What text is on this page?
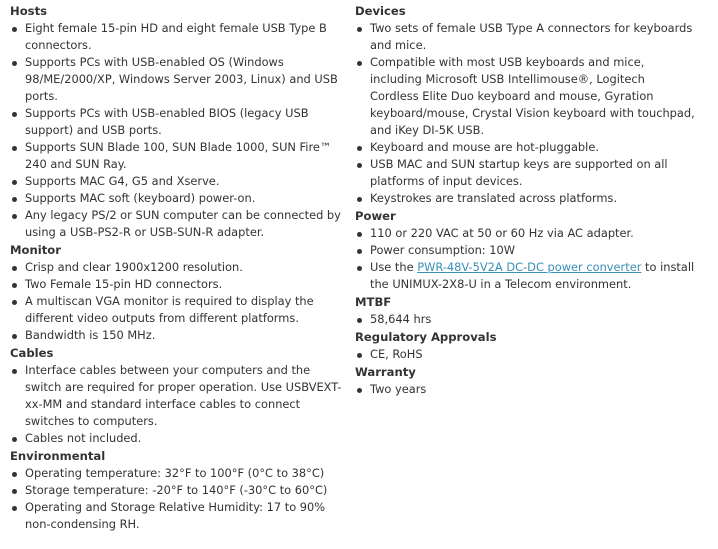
Hosts
Eight female 15-pin HD and eight female USB Type B connectors.
Supports PCs with USB-enabled OS (Windows 98/ME/2000/XP, Windows Server 2003, Linux) and USB ports.
Supports PCs with USB-enabled BIOS (legacy USB support) and USB ports.
Supports SUN Blade 100, SUN Blade 1000, SUN Fire™ 240 and SUN Ray.
Supports MAC G4, G5 and Xserve.
Supports MAC soft (keyboard) power-on.
Any legacy PS/2 or SUN computer can be connected by using a USB-PS2-R or USB-SUN-R adapter.
Monitor
Crisp and clear 1900x1200 resolution.
Two Female 15-pin HD connectors.
A multiscan VGA monitor is required to display the different video outputs from different platforms.
Bandwidth is 150 MHz.
Cables
Interface cables between your computers and the switch are required for proper operation. Use USBVEXT-xx-MM and standard interface cables to connect switches to computers.
Cables not included.
Environmental
Operating temperature: 32°F to 100°F (0°C to 38°C)
Storage temperature: -20°F to 140°F (-30°C to 60°C)
Operating and Storage Relative Humidity: 17 to 90% non-condensing RH.
Devices
Two sets of female USB Type A connectors for keyboards and mice.
Compatible with most USB keyboards and mice, including Microsoft USB Intellimouse®, Logitech Cordless Elite Duo keyboard and mouse, Gyration keyboard/mouse, Crystal Vision keyboard with touchpad, and iKey DI-5K USB.
Keyboard and mouse are hot-pluggable.
USB MAC and SUN startup keys are supported on all platforms of input devices.
Keystrokes are translated across platforms.
Power
110 or 220 VAC at 50 or 60 Hz via AC adapter.
Power consumption: 10W
Use the PWR-48V-5V2A DC-DC power converter to install the UNIMUX-2X8-U in a Telecom environment.
MTBF
58,644 hrs
Regulatory Approvals
CE, RoHS
Warranty
Two years
